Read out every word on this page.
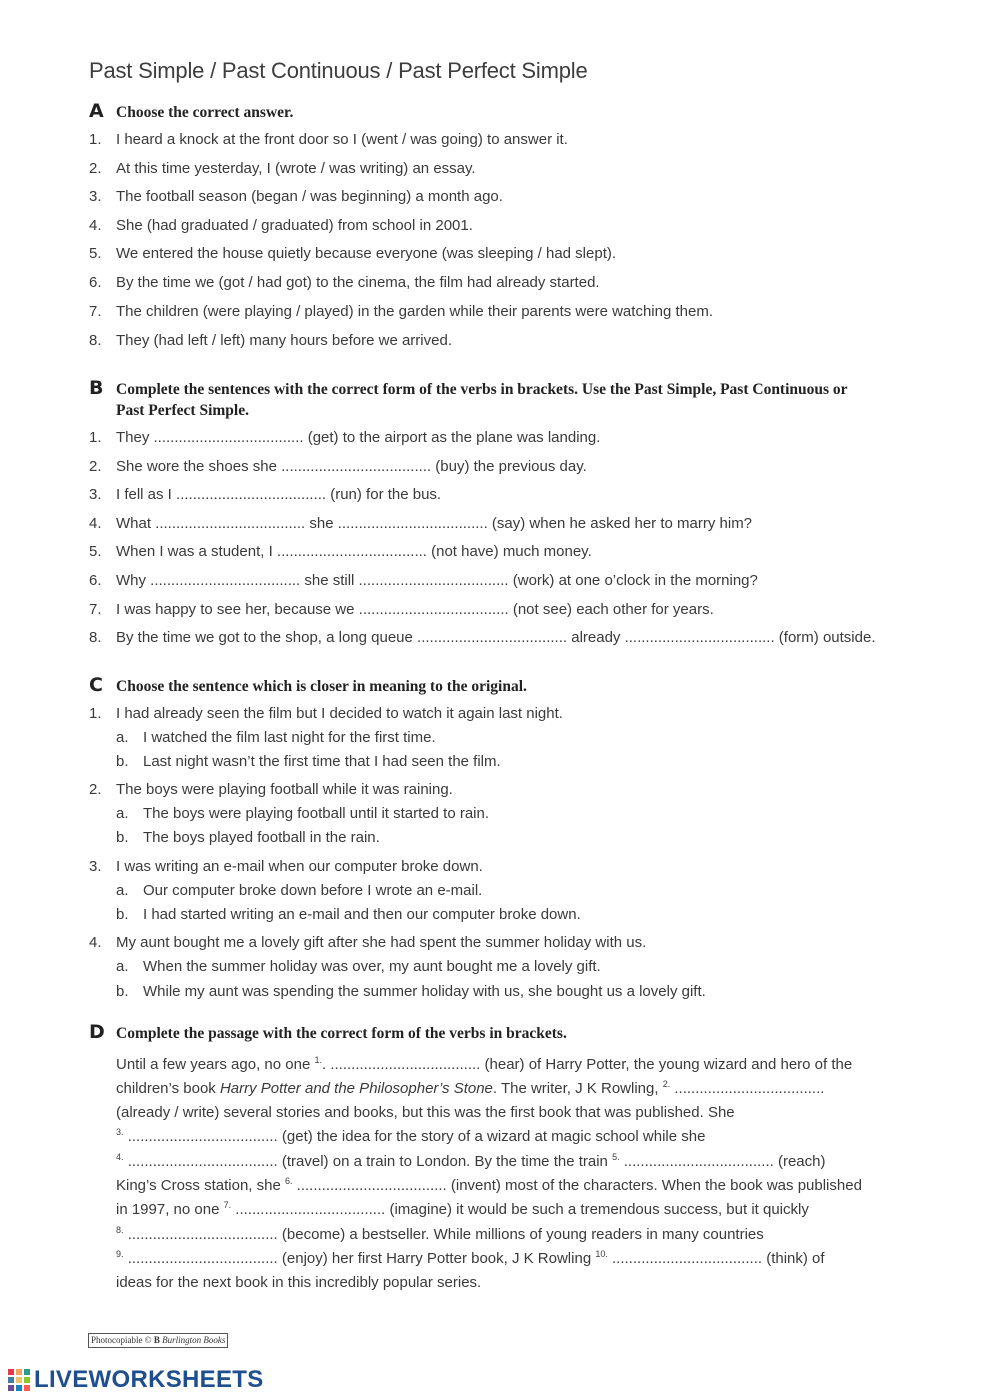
Past Simple / Past Continuous / Past Perfect Simple
A Choose the correct answer.
1. I heard a knock at the front door so I (went / was going) to answer it.
2. At this time yesterday, I (wrote / was writing) an essay.
3. The football season (began / was beginning) a month ago.
4. She (had graduated / graduated) from school in 2001.
5. We entered the house quietly because everyone (was sleeping / had slept).
6. By the time we (got / had got) to the cinema, the film had already started.
7. The children (were playing / played) in the garden while their parents were watching them.
8. They (had left / left) many hours before we arrived.
B Complete the sentences with the correct form of the verbs in brackets. Use the Past Simple, Past Continuous or
Past Perfect Simple.
1. They .................................... (get) to the airport as the plane was landing.
2. She wore the shoes she .................................... (buy) the previous day.
3. I fell as I .................................... (run) for the bus.
4. What .................................... she .................................... (say) when he asked her to marry him?
5. When I was a student, I .................................... (not have) much money.
6. Why .................................... she still .................................... (work) at one o’clock in the morning?
7. I was happy to see her, because we .................................... (not see) each other for years.
8. By the time we got to the shop, a long queue .................................... already .................................... (form) outside.
C Choose the sentence which is closer in meaning to the original.
1. I had already seen the film but I decided to watch it again last night.
a. I watched the film last night for the first time.
b. Last night wasn’t the first time that I had seen the film.
2. The boys were playing football while it was raining.
a. The boys were playing football until it started to rain.
b. The boys played football in the rain.
3. I was writing an e-mail when our computer broke down.
a. Our computer broke down before I wrote an e-mail.
b. I had started writing an e-mail and then our computer broke down.
4. My aunt bought me a lovely gift after she had spent the summer holiday with us.
a. When the summer holiday was over, my aunt bought me a lovely gift.
b. While my aunt was spending the summer holiday with us, she bought us a lovely gift.
D Complete the passage with the correct form of the verbs in brackets.
Until a few years ago, no one $^{1.}$. .................................... (hear) of Harry Potter, the young wizard and hero of the
children’s book Harry Potter and the Philosopher’s Stone. The writer, J K Rowling, $^{2.}$ ....................................
(already / write) several stories and books, but this was the first book that was published. She
$^{3.}$ .................................... (get) the idea for the story of a wizard at magic school while she
$^{4.}$ .................................... (travel) on a train to London. By the time the train $^{5.}$ .................................... (reach)
King’s Cross station, she $^{6.}$ .................................... (invent) most of the characters. When the book was published
in 1997, no one $^{7.}$ .................................... (imagine) it would be such a tremendous success, but it quickly
$^{8.}$ .................................... (become) a bestseller. While millions of young readers in many countries
$^{9.}$ .................................... (enjoy) her first Harry Potter book, J K Rowling $^{10.}$ .................................... (think) of
ideas for the next book in this incredibly popular series.
Photocopiable © B Burlington Books
LIVEWORKSHEETS
